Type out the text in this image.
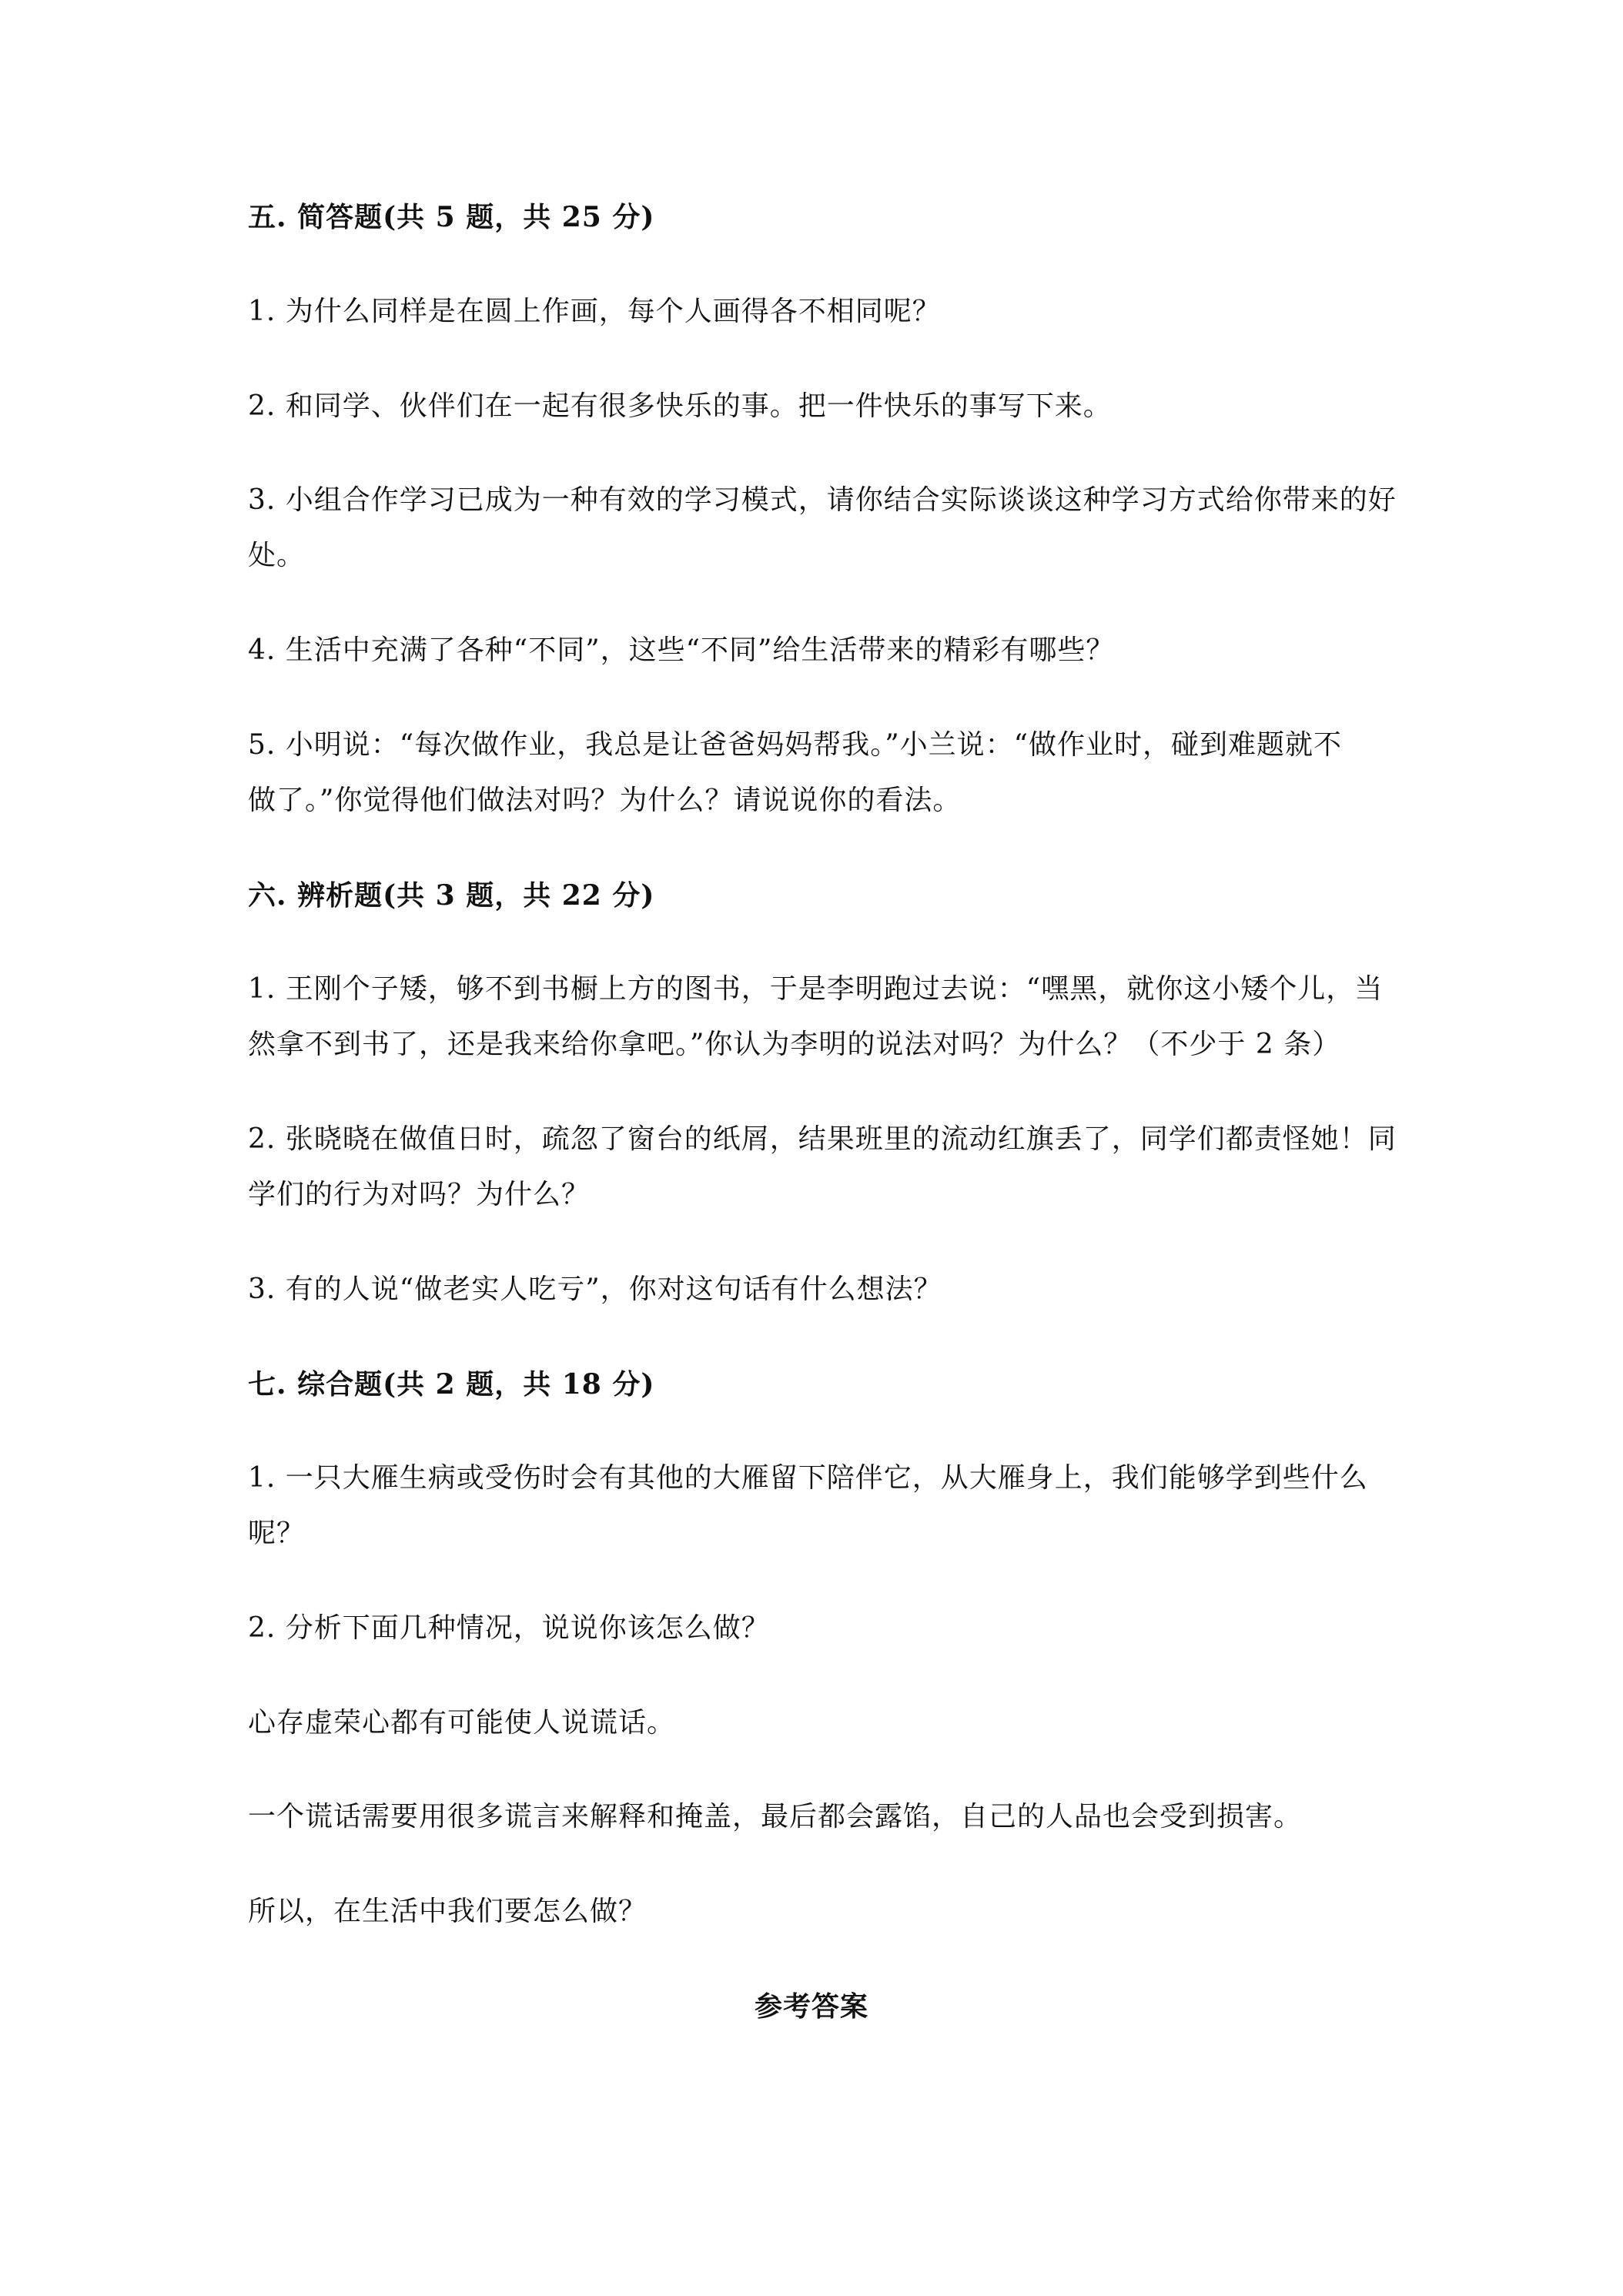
五. 简答题(共 5 题，共 25 分)
1. 为什么同样是在圆上作画，每个人画得各不相同呢？
2. 和同学、伙伴们在一起有很多快乐的事。把一件快乐的事写下来。
3. 小组合作学习已成为一种有效的学习模式，请你结合实际谈谈这种学习方式给你带来的好
处。
4. 生活中充满了各种“不同”，这些“不同”给生活带来的精彩有哪些？
5. 小明说：“每次做作业，我总是让爸爸妈妈帮我。”小兰说：“做作业时，碰到难题就不
做了。”你觉得他们做法对吗？为什么？请说说你的看法。
六. 辨析题(共 3 题，共 22 分)
1. 王刚个子矮，够不到书橱上方的图书，于是李明跑过去说：“嘿黑，就你这小矮个儿，当
然拿不到书了，还是我来给你拿吧。”你认为李明的说法对吗？为什么？（不少于 2 条）
2. 张晓晓在做值日时，疏忽了窗台的纸屑，结果班里的流动红旗丢了，同学们都责怪她！同
学们的行为对吗？为什么？
3. 有的人说“做老实人吃亏”，你对这句话有什么想法？
七. 综合题(共 2 题，共 18 分)
1. 一只大雁生病或受伤时会有其他的大雁留下陪伴它，从大雁身上，我们能够学到些什么
呢？
2. 分析下面几种情况，说说你该怎么做？
心存虚荣心都有可能使人说谎话。
一个谎话需要用很多谎言来解释和掩盖，最后都会露馅，自己的人品也会受到损害。
所以，在生活中我们要怎么做？
参考答案
